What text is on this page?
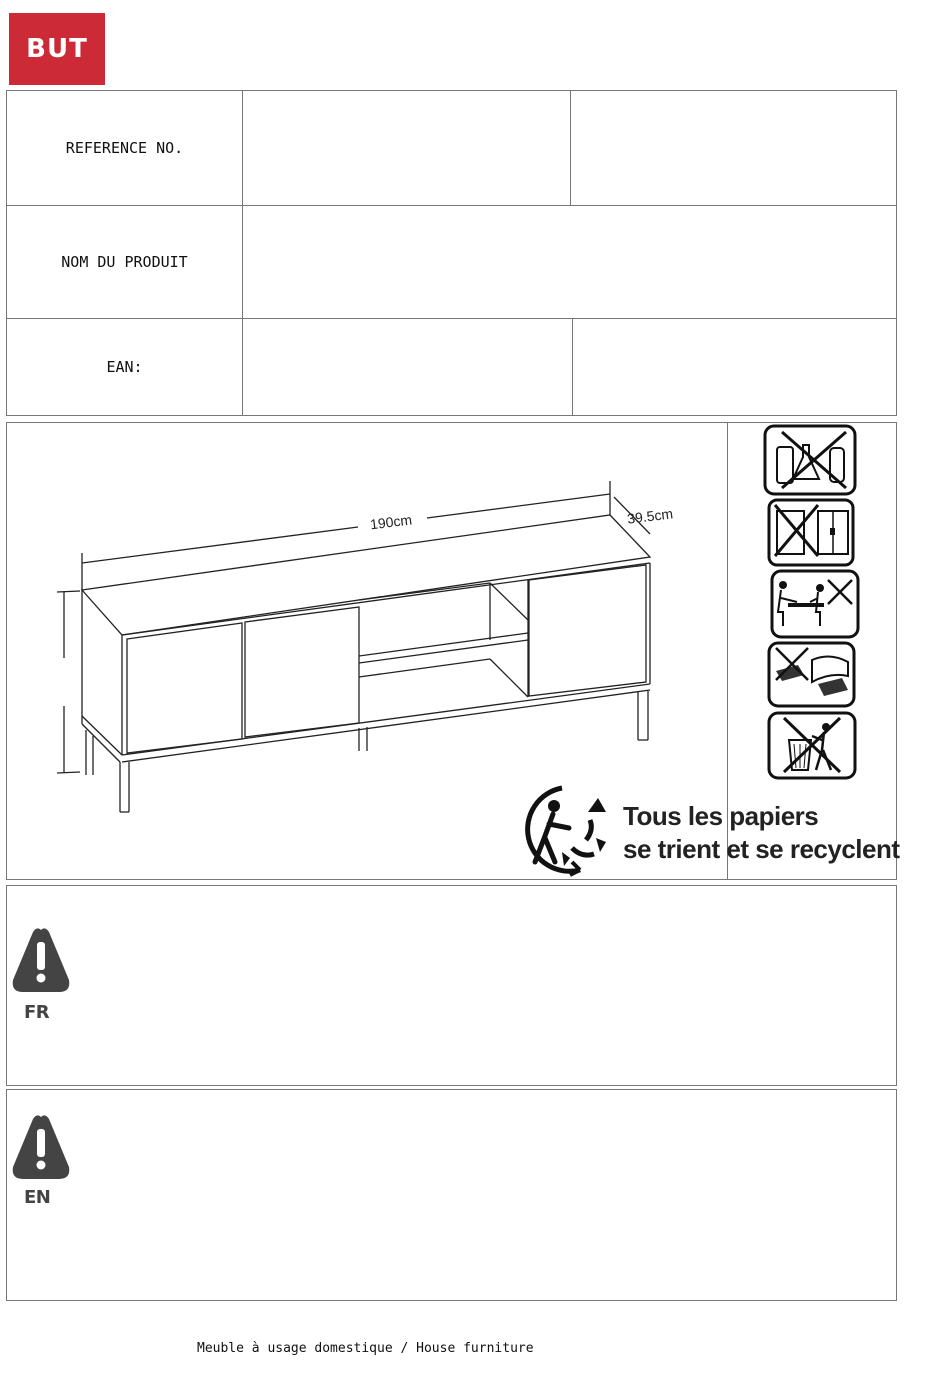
BUT
REFERENCE NO.
NOM DU PRODUIT
EAN:
190cm	39.5cm
Tous les papiers
se trient et se recyclent
FR
EN
Meuble à usage domestique / House furniture
